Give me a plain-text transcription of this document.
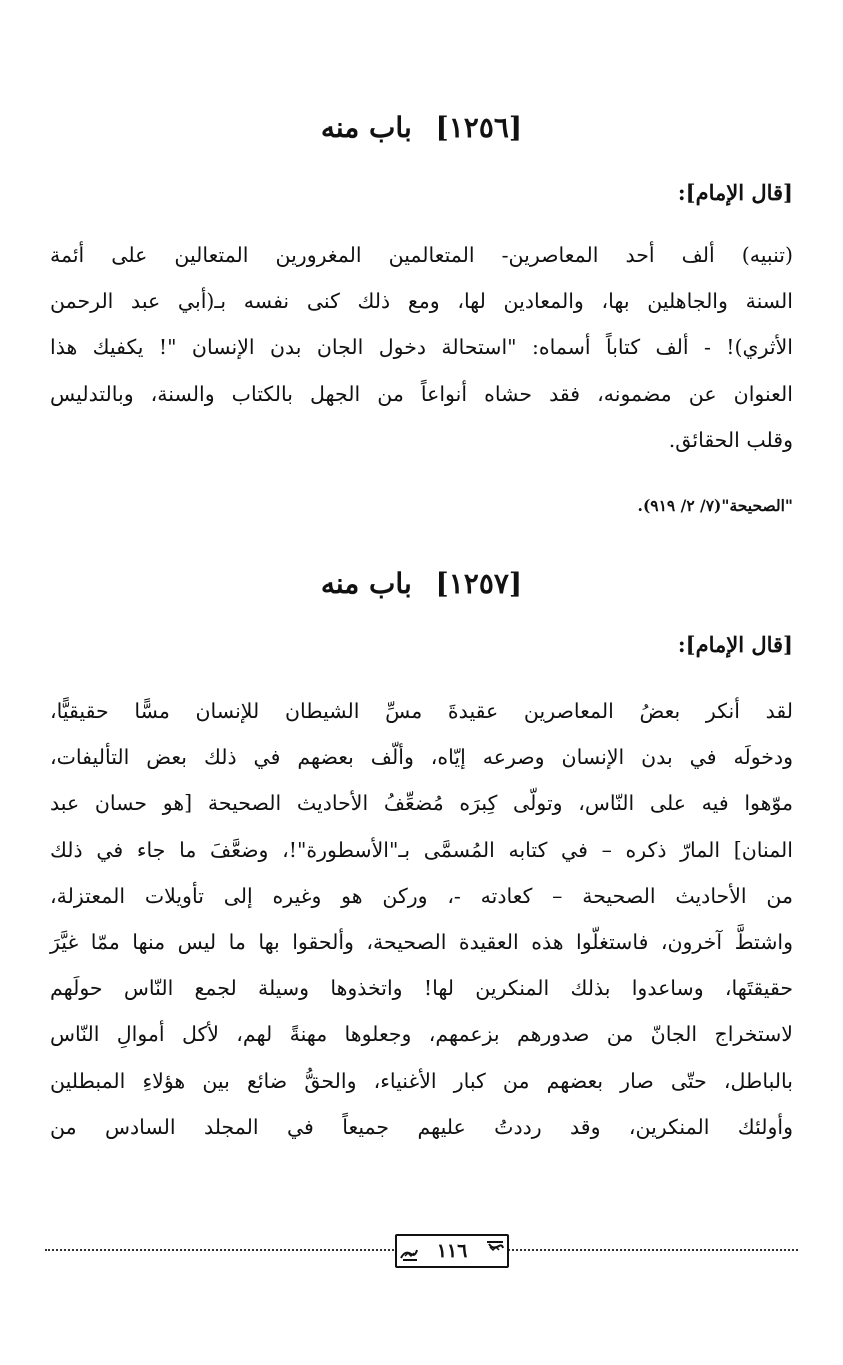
[١٢٥٦] باب منه
[قال الإمام]:
(تنبيه) ألف أحد المعاصرين- المتعالمين المغرورين المتعالين على أئمة
السنة والجاهلين بها، والمعادين لها، ومع ذلك كنى نفسه بـ(أبي عبد الرحمن
الأثري)! - ألف كتاباً أسماه: "استحالة دخول الجان بدن الإنسان "! يكفيك هذا
العنوان عن مضمونه، فقد حشاه أنواعاً من الجهل بالكتاب والسنة، وبالتدليس
وقلب الحقائق.
"الصحيحة"(٧/ ٢/ ٩١٩).
[١٢٥٧] باب منه
[قال الإمام]:
لقد أنكر بعضُ المعاصرين عقيدةَ مسِّ الشيطان للإنسان مسًّا حقيقيًّا،
ودخولَه في بدن الإنسان وصرعه إيّاه، وألّف بعضهم في ذلك بعض التأليفات،
موّهوا فيه على النّاس، وتولّى كِبرَه مُضعِّفُ الأحاديث الصحيحة [هو حسان عبد
المنان] المارّ ذكره – في كتابه المُسمَّى بـ"الأسطورة"!، وضعَّفَ ما جاء في ذلك
من الأحاديث الصحيحة – كعادته -، وركن هو وغيره إلى تأويلات المعتزلة،
واشتطَّ آخرون، فاستغلّوا هذه العقيدة الصحيحة، وألحقوا بها ما ليس منها ممّا غيَّرَ
حقيقتَها، وساعدوا بذلك المنكرين لها! واتخذوها وسيلة لجمع النّاس حولَهم
لاستخراج الجانّ من صدورهم بزعمهم، وجعلوها مهنةً لهم، لأكل أموالِ النّاس
بالباطل، حتّى صار بعضهم من كبار الأغنياء، والحقُّ ضائع بين هؤلاءِ المبطلين
وأولئك المنكرين، وقد رددتُ عليهم جميعاً في المجلد السادس من
١١٦
